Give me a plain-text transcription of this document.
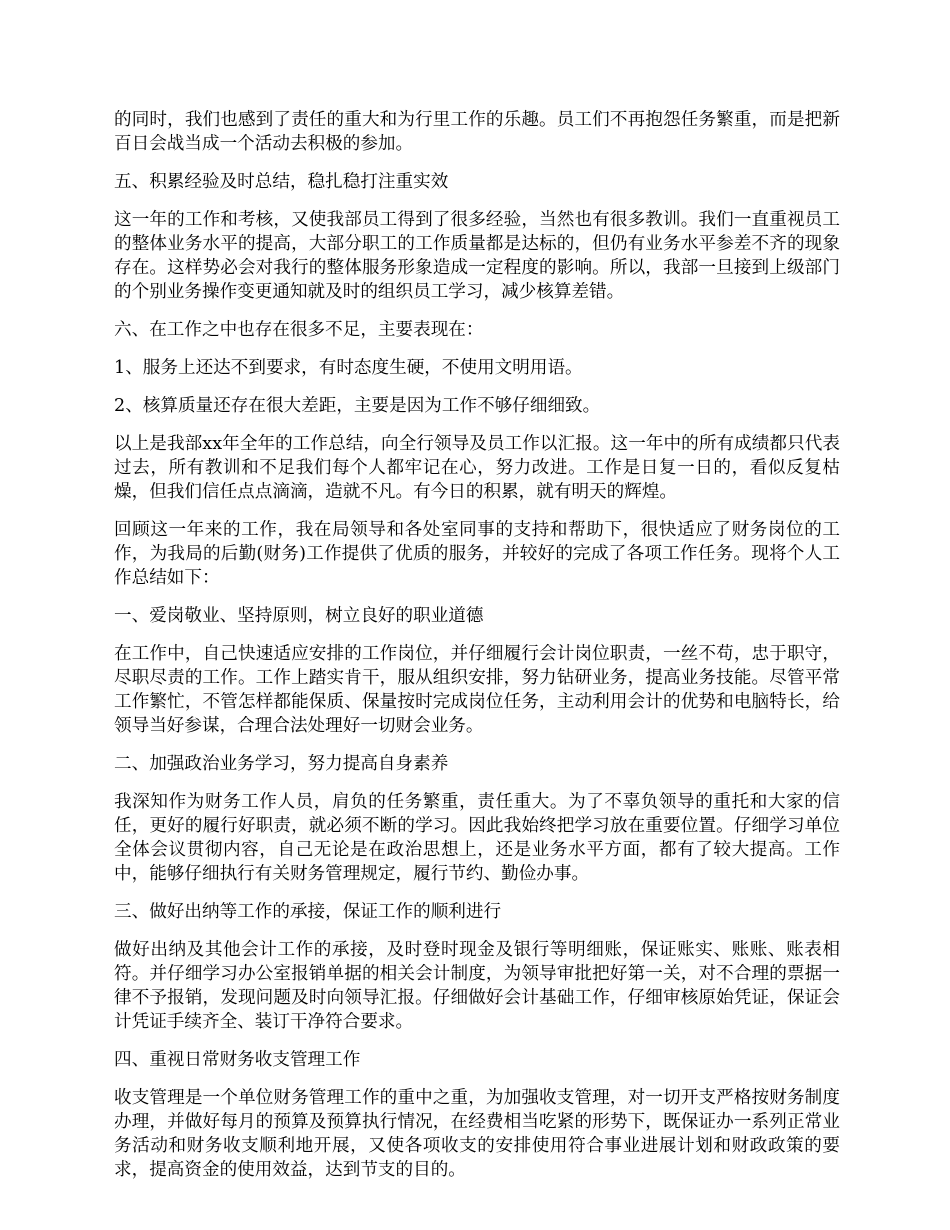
的同时，我们也感到了责任的重大和为行里工作的乐趣。员工们不再抱怨任务繁重，而是把新百日会战当成一个活动去积极的参加。

五、积累经验及时总结，稳扎稳打注重实效

这一年的工作和考核，又使我部员工得到了很多经验，当然也有很多教训。我们一直重视员工的整体业务水平的提高，大部分职工的工作质量都是达标的，但仍有业务水平参差不齐的现象存在。这样势必会对我行的整体服务形象造成一定程度的影响。所以，我部一旦接到上级部门的个别业务操作变更通知就及时的组织员工学习，减少核算差错。

六、在工作之中也存在很多不足，主要表现在：

1、服务上还达不到要求，有时态度生硬，不使用文明用语。

2、核算质量还存在很大差距，主要是因为工作不够仔细细致。

以上是我部xx年全年的工作总结，向全行领导及员工作以汇报。这一年中的所有成绩都只代表过去，所有教训和不足我们每个人都牢记在心，努力改进。工作是日复一日的，看似反复枯燥，但我们信任点点滴滴，造就不凡。有今日的积累，就有明天的辉煌。

回顾这一年来的工作，我在局领导和各处室同事的支持和帮助下，很快适应了财务岗位的工作，为我局的后勤(财务)工作提供了优质的服务，并较好的完成了各项工作任务。现将个人工作总结如下：

一、爱岗敬业、坚持原则，树立良好的职业道德

在工作中，自己快速适应安排的工作岗位，并仔细履行会计岗位职责，一丝不苟，忠于职守，尽职尽责的工作。工作上踏实肯干，服从组织安排，努力钻研业务，提高业务技能。尽管平常工作繁忙，不管怎样都能保质、保量按时完成岗位任务，主动利用会计的优势和电脑特长，给领导当好参谋，合理合法处理好一切财会业务。

二、加强政治业务学习，努力提高自身素养

我深知作为财务工作人员，肩负的任务繁重，责任重大。为了不辜负领导的重托和大家的信任，更好的履行好职责，就必须不断的学习。因此我始终把学习放在重要位置。仔细学习单位全体会议贯彻内容，自己无论是在政治思想上，还是业务水平方面，都有了较大提高。工作中，能够仔细执行有关财务管理规定，履行节约、勤俭办事。

三、做好出纳等工作的承接，保证工作的顺利进行

做好出纳及其他会计工作的承接，及时登时现金及银行等明细账，保证账实、账账、账表相符。并仔细学习办公室报销单据的相关会计制度，为领导审批把好第一关，对不合理的票据一律不予报销，发现问题及时向领导汇报。仔细做好会计基础工作，仔细审核原始凭证，保证会计凭证手续齐全、装订干净符合要求。

四、重视日常财务收支管理工作

收支管理是一个单位财务管理工作的重中之重，为加强收支管理，对一切开支严格按财务制度办理，并做好每月的预算及预算执行情况，在经费相当吃紧的形势下，既保证办一系列正常业务活动和财务收支顺利地开展，又使各项收支的安排使用符合事业进展计划和财政政策的要求，提高资金的使用效益，达到节支的目的。
